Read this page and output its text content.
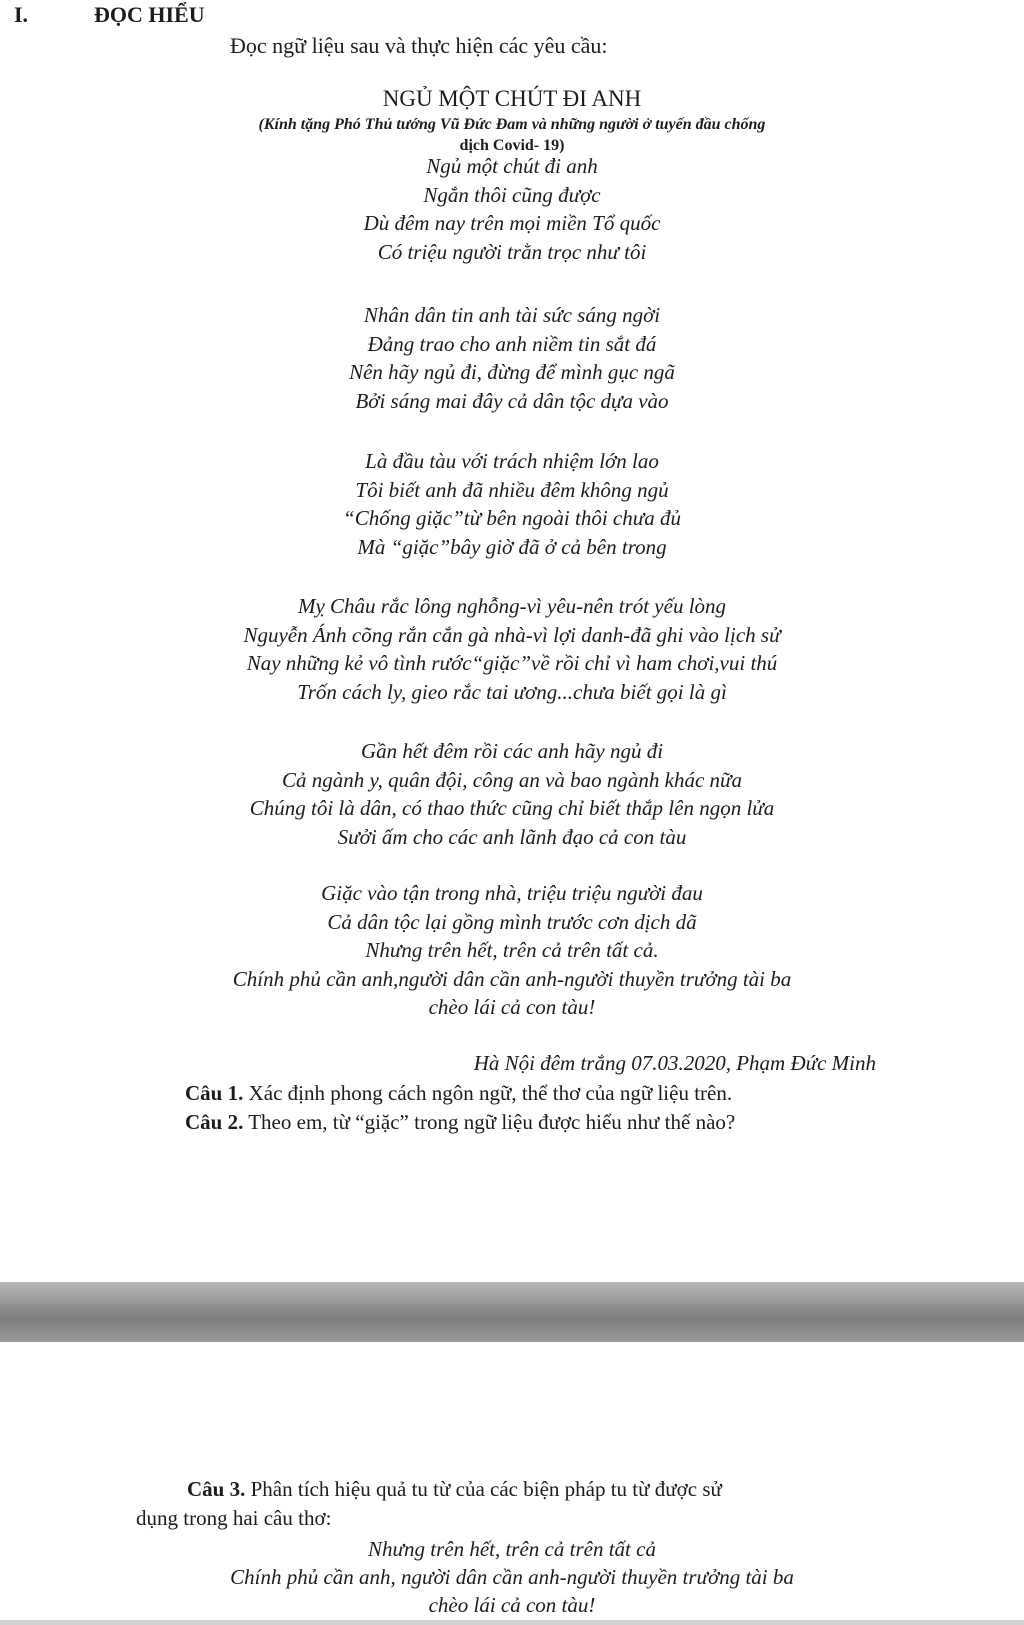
I.	ĐỌC HIỂU
Đọc ngữ liệu sau và thực hiện các yêu cầu:
NGỦ MỘT CHÚT ĐI ANH
(Kính tặng Phó Thủ tướng Vũ Đức Đam và những người ở tuyến đầu chống
dịch Covid- 19)
Ngủ một chút đi anh
Ngắn thôi cũng được
Dù đêm nay trên mọi miền Tổ quốc
Có triệu người trằn trọc như tôi
Nhân dân tin anh tài sức sáng ngời
Đảng trao cho anh niềm tin sắt đá
Nên hãy ngủ đi, đừng để mình gục ngã
Bởi sáng mai đây cả dân tộc dựa vào
Là đầu tàu với trách nhiệm lớn lao
Tôi biết anh đã nhiều đêm không ngủ
“Chống giặc”từ bên ngoài thôi chưa đủ
Mà “giặc”bây giờ đã ở cả bên trong
Mỵ Châu rắc lông nghỗng-vì yêu-nên trót yếu lòng
Nguyễn Ánh cõng rắn cắn gà nhà-vì lợi danh-đã ghi vào lịch sử
Nay những kẻ vô tình rước“giặc”về rồi chỉ vì ham chơi,vui thú
Trốn cách ly, gieo rắc tai ương...chưa biết gọi là gì
Gần hết đêm rồi các anh hãy ngủ đi
Cả ngành y, quân đội, công an và bao ngành khác nữa
Chúng tôi là dân, có thao thức cũng chỉ biết thắp lên ngọn lửa
Sưởi ấm cho các anh lãnh đạo cả con tàu
Giặc vào tận trong nhà, triệu triệu người đau
Cả dân tộc lại gồng mình trước cơn dịch dã
Nhưng trên hết, trên cả trên tất cả.
Chính phủ cần anh,người dân cần anh-người thuyền trưởng tài ba
chèo lái cả con tàu!
Hà Nội đêm trắng 07.03.2020, Phạm Đức Minh
Câu 1. Xác định phong cách ngôn ngữ, thể thơ của ngữ liệu trên.
Câu 2. Theo em, từ “giặc” trong ngữ liệu được hiểu như thế nào?
Câu 3. Phân tích hiệu quả tu từ của các biện pháp tu từ được sử
dụng trong hai câu thơ:
Nhưng trên hết, trên cả trên tất cả
Chính phủ cần anh, người dân cần anh-người thuyền trưởng tài ba
chèo lái cả con tàu!
